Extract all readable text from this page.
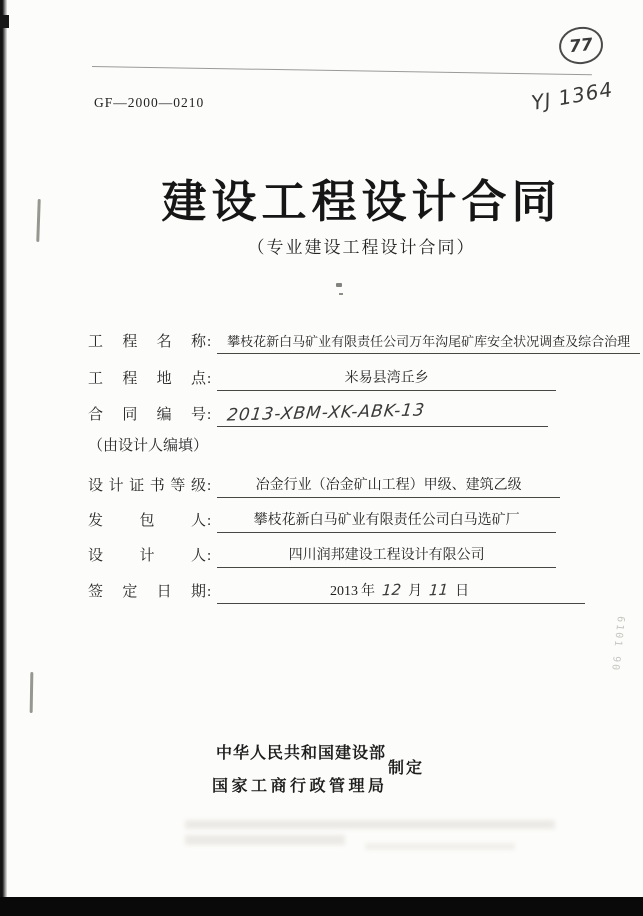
6101 90
77
YJ 1364
GF—2000—0210
建设工程设计合同
（专业建设工程设计合同）
工程名称 :	攀枝花新白马矿业有限责任公司万年沟尾矿库安全状况调查及综合治理
工程地点 :	米易县湾丘乡
合同编号 : 2013-XBM-XK-ABK-13
（由设计人编填）
设计证书等级 :	冶金行业（冶金矿山工程）甲级、建筑乙级
发包人 :	攀枝花新白马矿业有限责任公司白马选矿厂
设计人 :	四川润邦建设工程设计有限公司
签定日期 :	2013 年 12 月 11 日
中华人民共和国建设部
国家工商行政管理局
制定
